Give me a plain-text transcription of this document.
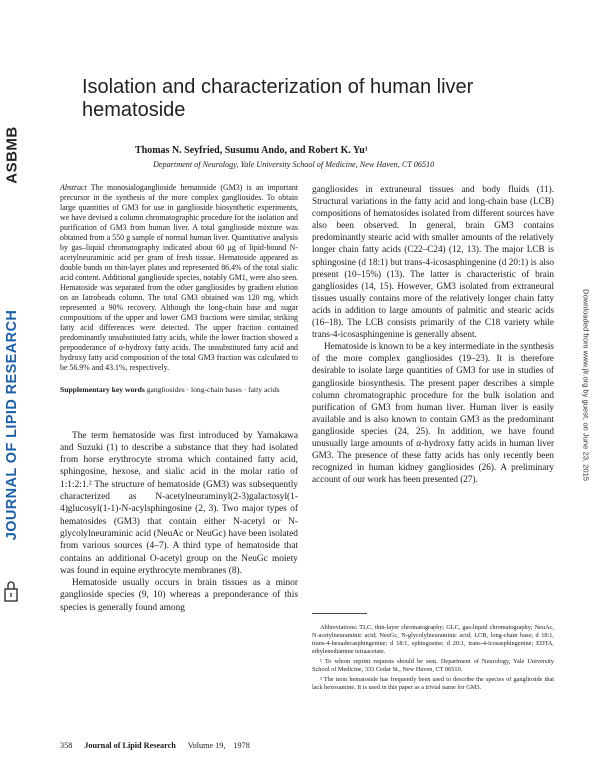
ASBMB
JOURNAL OF LIPID RESEARCH	Downloaded from www.jlr.org by guest, on June 23, 2015
Isolation and characterization of human liver hematoside

Thomas N. Seyfried, Susumu Ando, and Robert K. Yu¹

Department of Neurology, Yale University School of Medicine, New Haven, CT 06510

Abstract The monosialoganglioside hematoside (GM3) is an important precursor in the synthesis of the more complex gangliosides. To obtain large quantities of GM3 for use in ganglioside biosynthetic experiments, we have devised a column chromatographic procedure for the isolation and purification of GM3 from human liver. A total ganglioside mixture was obtained from a 550 g sample of normal human liver. Quantitative analysis by gas–liquid chromatography indicated about 60 μg of lipid-bound N-acetylneuraminic acid per gram of fresh tissue. Hematoside appeared as double bands on thin-layer plates and represented 86.4% of the total sialic acid content. Additional ganglioside species, notably GM1, were also seen. Hematoside was separated from the other gangliosides by gradient elution on an Iatrobeads column. The total GM3 obtained was 120 mg, which represented a 90% recovery. Although the long-chain base and sugar compositions of the upper and lower GM3 fractions were similar, striking fatty acid differences were detected. The upper fraction contained predominantly unsubstituted fatty acids, while the lower fraction showed a preponderance of α-hydroxy fatty acids. The unsubstituted fatty acid and hydroxy fatty acid composition of the total GM3 fraction was calculated to be 56.9% and 43.1%, respectively.

Supplementary key words gangliosides · long-chain bases · fatty acids

The term hematoside was first introduced by Yamakawa and Suzuki (1) to describe a substance that they had isolated from horse erythrocyte stroma which contained fatty acid, sphingosine, hexose, and sialic acid in the molar ratio of 1:1:2:1.² The structure of hematoside (GM3) was subsequently characterized as N-acetylneuraminyl(2-3)galactosyl(1-4)glucosyl(1-1)-N-acylsphingosine (2, 3). Two major types of hematosides (GM3) that contain either N-acetyl or N-glycolylneuraminic acid (NeuAc or NeuGc) have been isolated from various sources (4–7). A third type of hematoside that contains an additional O-acetyl group on the NeuGc moiety was found in equine erythrocyte membranes (8).

Hematoside usually occurs in brain tissues as a minor ganglioside species (9, 10) whereas a preponderance of this species is generally found among

gangliosides in extraneural tissues and body fluids (11). Structural variations in the fatty acid and long-chain base (LCB) compositions of hematosides isolated from different sources have also been observed. In general, brain GM3 contains predominantly stearic acid with smaller amounts of the relatively longer chain fatty acids (C22–C24) (12, 13). The major LCB is sphingosine (d 18:1) but trans-4-icosasphingenine (d 20:1) is also present (10–15%) (13). The latter is characteristic of brain gangliosides (14, 15). However, GM3 isolated from extraneural tissues usually contains more of the relatively longer chain fatty acids in addition to large amounts of palmitic and stearic acids (16–18). The LCB consists primarily of the C18 variety while trans-4-icosasphingenine is generally absent.

Hematoside is known to be a key intermediate in the synthesis of the more complex gangliosides (19–23). It is therefore desirable to isolate large quantities of GM3 for use in studies of ganglioside biosynthesis. The present paper describes a simple column chromatographic procedure for the bulk isolation and purification of GM3 from human liver. Human liver is easily available and is also known to contain GM3 as the predominant ganglioside species (24, 25). In addition, we have found unusually large amounts of α-hydroxy fatty acids in human liver GM3. The presence of these fatty acids has only recently been recognized in human kidney gangliosides (26). A preliminary account of our work has been presented (27).

Abbreviations: TLC, thin-layer chromatography; GLC, gas-liquid chromatography; NeuAc, N-acetylneuraminic acid; NeuGc, N-glycolylneuraminic acid; LCB, long-chain base; d 18:1, trans-4-hexadecasphingenine; d 18:1, sphingosine; d 20:1, trans-4-icosasphingenine; EDTA, ethylenediamine tetraacetate.

¹ To whom reprint requests should be sent. Department of Neurology, Yale University School of Medicine, 333 Cedar St., New Haven, CT 06510.

² The term hematoside has frequently been used to describe the species of ganglioside that lack hexosamine. It is used in this paper as a trivial name for GM3.

358 Journal of Lipid Research Volume 19, 1978
